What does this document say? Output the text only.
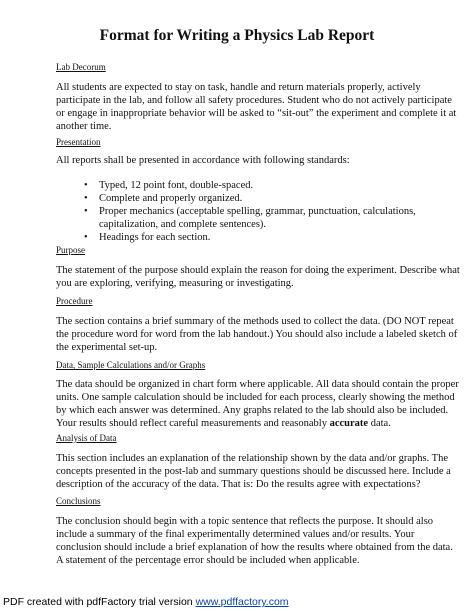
Format for Writing a Physics Lab Report
Lab Decorum
All students are expected to stay on task, handle and return materials properly, actively
participate in the lab, and follow all safety procedures. Student who do not actively participate
or engage in inappropriate behavior will be asked to “sit-out” the experiment and complete it at
another time.
Presentation
All reports shall be presented in accordance with following standards:
• Typed, 12 point font, double-spaced.
• Complete and properly organized.
• Proper mechanics (acceptable spelling, grammar, punctuation, calculations,
capitalization, and complete sentences).
• Headings for each section.
Purpose
The statement of the purpose should explain the reason for doing the experiment. Describe what
you are exploring, verifying, measuring or investigating.
Procedure
The section contains a brief summary of the methods used to collect the data. (DO NOT repeat
the procedure word for word from the lab handout.) You should also include a labeled sketch of
the experimental set-up.
Data, Sample Calculations and/or Graphs
The data should be organized in chart form where applicable. All data should contain the proper
units. One sample calculation should be included for each process, clearly showing the method
by which each answer was determined. Any graphs related to the lab should also be included.
Your results should reflect careful measurements and reasonably accurate data.
Analysis of Data
This section includes an explanation of the relationship shown by the data and/or graphs. The
concepts presented in the post-lab and summary questions should be discussed here. Include a
description of the accuracy of the data. That is: Do the results agree with expectations?
Conclusions
The conclusion should begin with a topic sentence that reflects the purpose. It should also
include a summary of the final experimentally determined values and/or results. Your
conclusion should include a brief explanation of how the results where obtained from the data.
A statement of the percentage error should be included when applicable.
PDF created with pdfFactory trial version www.pdffactory.com
